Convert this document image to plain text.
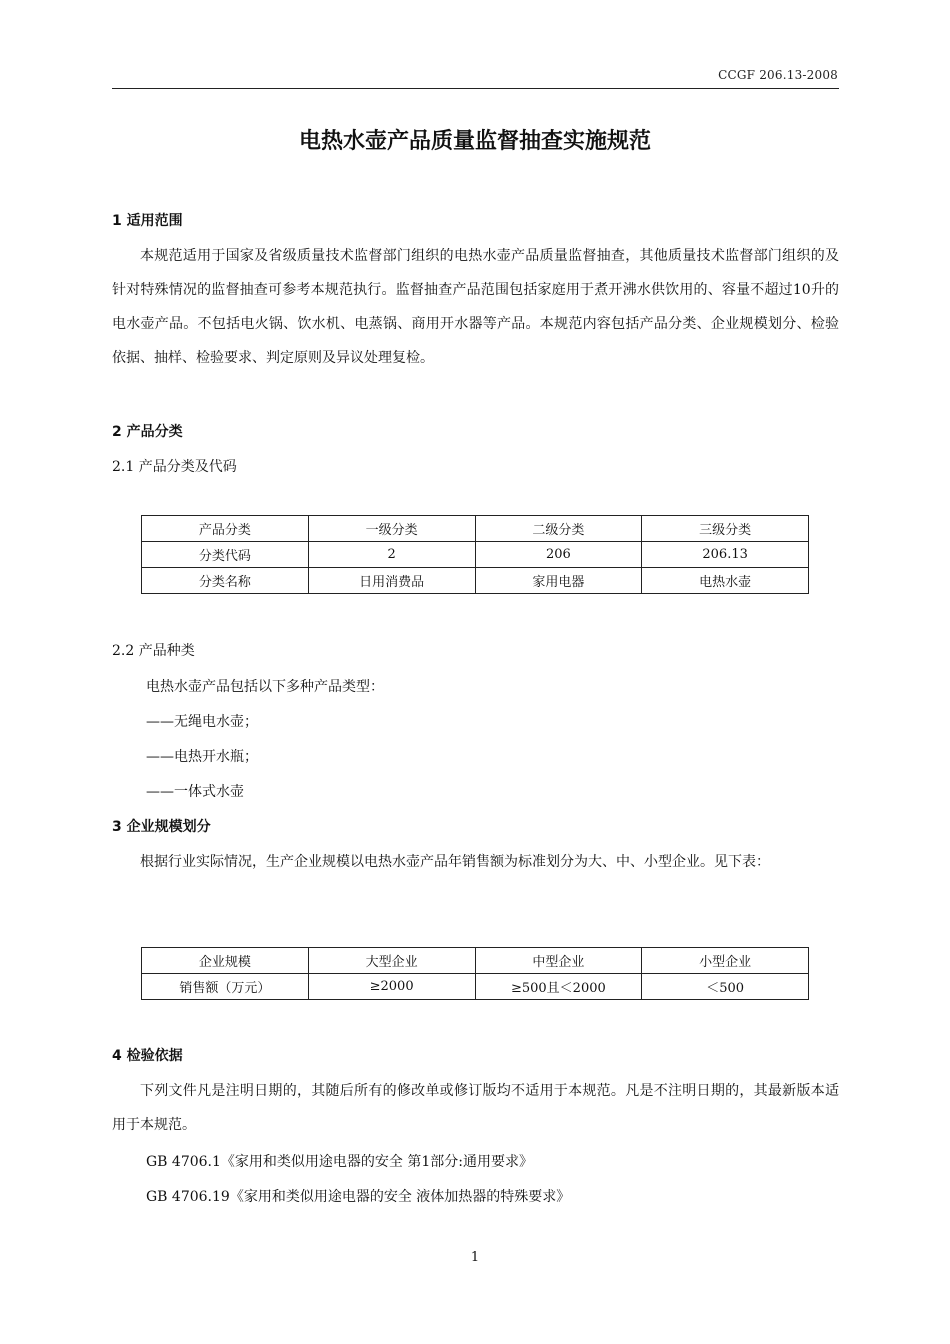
CCGF 206.13-2008
电热水壶产品质量监督抽查实施规范
1 适用范围
本规范适用于国家及省级质量技术监督部门组织的电热水壶产品质量监督抽查，其他质量技术监督部门组织的及针对特殊情况的监督抽查可参考本规范执行。监督抽查产品范围包括家庭用于煮开沸水供饮用的、容量不超过10升的电水壶产品。不包括电火锅、饮水机、电蒸锅、商用开水器等产品。本规范内容包括产品分类、企业规模划分、检验依据、抽样、检验要求、判定原则及异议处理复检。
2 产品分类
2.1 产品分类及代码
产品分类	一级分类	二级分类	三级分类
分类代码	2	206	206.13
分类名称	日用消费品	家用电器	电热水壶
2.2 产品种类
电热水壶产品包括以下多种产品类型：
——无绳电水壶；
——电热开水瓶；
——一体式水壶
3 企业规模划分
根据行业实际情况，生产企业规模以电热水壶产品年销售额为标准划分为大、中、小型企业。见下表：
企业规模	大型企业	中型企业	小型企业
销售额（万元）	≥2000	≥500且＜2000	＜500
4 检验依据
下列文件凡是注明日期的，其随后所有的修改单或修订版均不适用于本规范。凡是不注明日期的，其最新版本适用于本规范。
GB 4706.1《家用和类似用途电器的安全 第1部分:通用要求》
GB 4706.19《家用和类似用途电器的安全 液体加热器的特殊要求》
1
